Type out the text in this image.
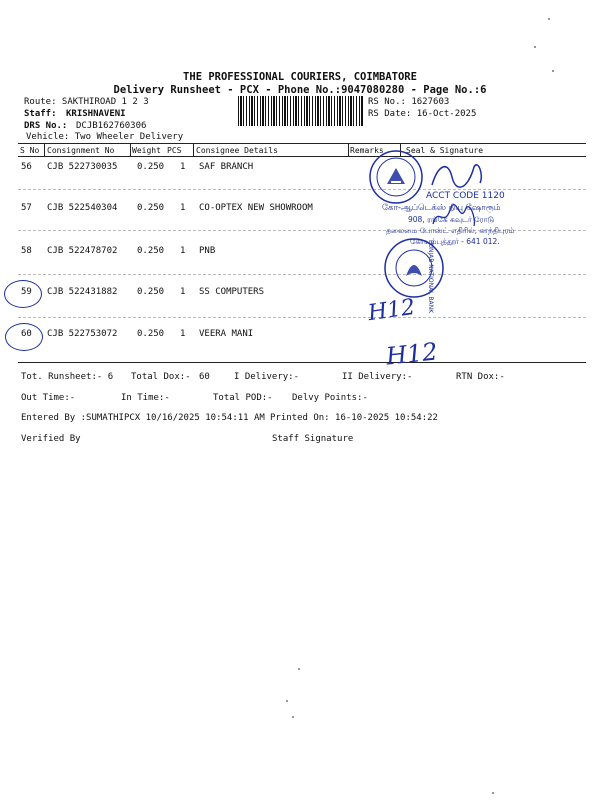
THE PROFESSIONAL COURIERS, COIMBATORE
Delivery Runsheet - PCX - Phone No.:9047080280 - Page No.:6
Route: SAKTHIROAD 1 2 3
Staff: KRISHNAVENI
DRS No.: DCJB162760306
Vehicle: Two Wheeler Delivery
RS No.: 1627603
RS Date: 16-Oct-2025
S No Consignment No Weight PCS Consignee Details	Remarks	Seal & Signature
56 CJB 522730035 0.250 1 SAF BRANCH
57 CJB 522540304 0.250 1 CO-OPTEX NEW SHOWROOM
58 CJB 522478702 0.250 1 PNB
59 CJB 522431882 0.250 1 SS COMPUTERS
60 CJB 522753072 0.250 1 VEERA MANI
Tot. Runsheet:- 6 Total Dox:- 60	I Delivery:-	II Delivery:-	RTN Dox:-
Out Time:-	In Time:-	Total POD:- Delvy Points:-
Entered By :SUMATHIPCX 10/16/2025 10:54:11 AM Printed On: 16-10-2025 10:54:22
Verified By	Staff Signature
ACCT CODE 1120
கோ-ஆப்டெக்ஸ் நியு ஷோரூம்
908, ரங்கே கவுடர் ரோடு
தலைமை போஸ்ட் எதிரில், காந்திபுரம்
கோயம்புத்தூர் - 641 012.
PUNJAB NATIONAL BANK
H12
H12
